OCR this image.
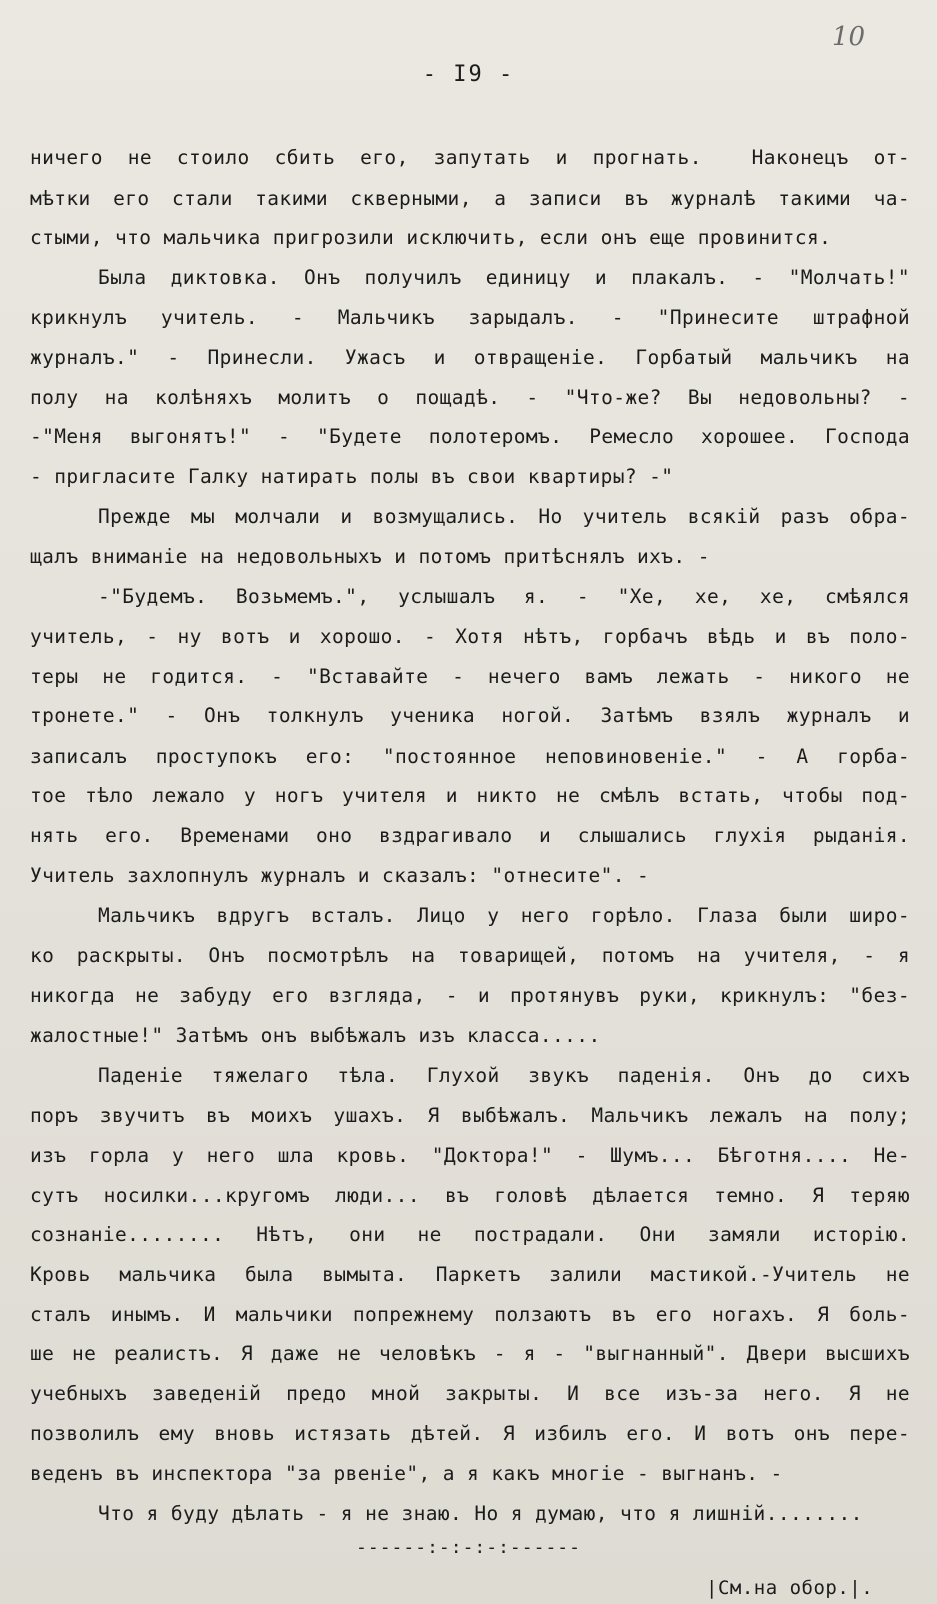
10
- I9 -
ничего не стоило сбить его, запутать и прогнать.  Наконецъ от-
мѣтки его стали такими скверными, а записи въ журналѣ такими ча-
стыми, что мальчика пригрозили исключить, если онъ еще провинится.
Была диктовка. Онъ получилъ единицу и плакалъ. - "Молчать!"
крикнулъ учитель. - Мальчикъ зарыдалъ. - "Принесите штрафной
журналъ." - Принесли. Ужасъ и отвращенiе. Горбатый мальчикъ на
полу на колѣняхъ молитъ о пощадѣ. - "Что-же? Вы недовольны? -
-"Меня выгонятъ!" - "Будете полотеромъ. Ремесло хорошее. Господа
- пригласите Галку натирать полы въ свои квартиры? -"
Прежде мы молчали и возмущались. Но учитель всякiй разъ обра-
щалъ вниманiе на недовольныхъ и потомъ притѣснялъ ихъ. -
-"Будемъ. Возьмемъ.", услышалъ я. - "Хе, хе, хе, смѣялся
учитель, - ну вотъ и хорошо. - Хотя нѣтъ, горбачъ вѣдь и въ поло-
теры не годится. - "Вставайте - нечего вамъ лежать - никого не
тронете." - Онъ толкнулъ ученика ногой. Затѣмъ взялъ журналъ и
записалъ проступокъ его: "постоянное неповиновенiе." - А горба-
тое тѣло лежало у ногъ учителя и никто не смѣлъ встать, чтобы под-
нять его. Временами оно вздрагивало и слышались глухiя рыданiя.
Учитель захлопнулъ журналъ и сказалъ: "отнесите". -
Мальчикъ вдругъ всталъ. Лицо у него горѣло. Глаза были широ-
ко раскрыты. Онъ посмотрѣлъ на товарищей, потомъ на учителя, - я
никогда не забуду его взгляда, - и протянувъ руки, крикнулъ: "без-
жалостные!" Затѣмъ онъ выбѣжалъ изъ класса.....
Паденiе тяжелаго тѣла. Глухой звукъ паденiя. Онъ до сихъ
поръ звучитъ въ моихъ ушахъ. Я выбѣжалъ. Мальчикъ лежалъ на полу;
изъ горла у него шла кровь. "Доктора!" - Шумъ... Бѣготня.... Не-
сутъ носилки...кругомъ люди... въ головѣ дѣлается темно. Я теряю
сознанiе........ Нѣтъ, они не пострадали. Они замяли исторiю.
Кровь мальчика была вымыта. Паркетъ залили мастикой.-Учитель не
сталъ инымъ. И мальчики попрежнему ползаютъ въ его ногахъ. Я боль-
ше не реалистъ. Я даже не человѣкъ - я - "выгнанный". Двери высшихъ
учебныхъ заведенiй предо мной закрыты. И все изъ-за него. Я не
позволилъ ему вновь истязать дѣтей. Я избилъ его. И вотъ онъ пере-
веденъ въ инспектора "за рвенiе", а я какъ многiе - выгнанъ. -
Что я буду дѣлать - я не знаю. Но я думаю, что я лишнiй........
------:-:-:-:------
|См.на обор.|.
